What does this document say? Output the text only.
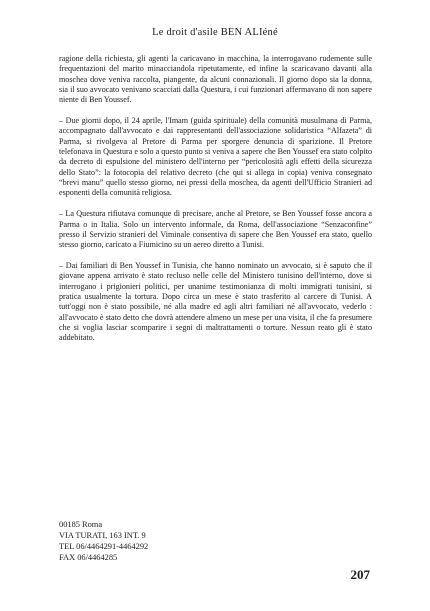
Le droit d'asile BEN ALIéné

ragione della richiesta, gli agenti la caricavano in macchina, la interrogavano rudemente sulle frequentazioni del marito minacciandola ripetutamente, ed infine la scaricavano davanti alla moschea dove veniva raccolta, piangente, da alcuni connazionali. Il giorno dopo sia la donna, sia il suo avvocato venivano scacciati dalla Questura, i cui funzionari affermavano di non sapere niente di Ben Youssef.

– Due giorni dopo, il 24 aprile, l'Imam (guida spirituale) della comunità musulmana di Parma, accompagnato dall'avvocato e dai rappresentanti dell'associazione solidaristica “Alfazeta” di Parma, si rivolgeva al Pretore di Parma per sporgere denuncia di sparizione. Il Pretore telefonava in Questura e solo a questo punto si veniva a sapere che Ben Youssef era stato colpito da decreto di espulsione del ministero dell'interno per “pericolosità agli effetti della sicurezza dello Stato”: la fotocopia del relativo decreto (che qui si allega in copia) veniva consegnato “brevi manu” quello stesso giorno, nei pressi della moschea, da agenti dell'Ufficio Stranieri ad esponenti della comunità religiosa.

– La Questura rifiutava comunque di precisare, anche al Pretore, se Ben Youssef fosse ancora a Parma o in Italia. Solo un intervento informale, da Roma, dell'associazione “Senzaconfine” presso il Servizio stranieri del Viminale consentiva di sapere che Ben Youssef era stato, quello stesso giorno, caricato a Fiumicino su un aereo diretto a Tunisi.

– Dai familiari di Ben Youssef in Tunisia, che hanno nominato un avvocato, si è saputo che il giovane appena arrivato è stato recluso nelle celle del Ministero tunisino dell'interno, dove si interrogano i prigionieri politici, per unanime testimonianza di molti immigrati tunisini, si pratica usualmente la tortura. Dopo circa un mese è stato trasferito al carcere di Tunisi. A tutt'oggi non è stato possibile, né alla madre ed agli altri familiari né all'avvocato, vederlo : all'avvocato è stato detto che dovrà attendere almeno un mese per una visita, il che fa presumere che si voglia lasciar scomparire i segni di maltrattamenti o torture. Nessun reato gli è stato addebitato.

00185 Roma
VIA TURATI, 163 INT. 9
TEL 06/4464291-4464292
FAX 06/4464285
207
